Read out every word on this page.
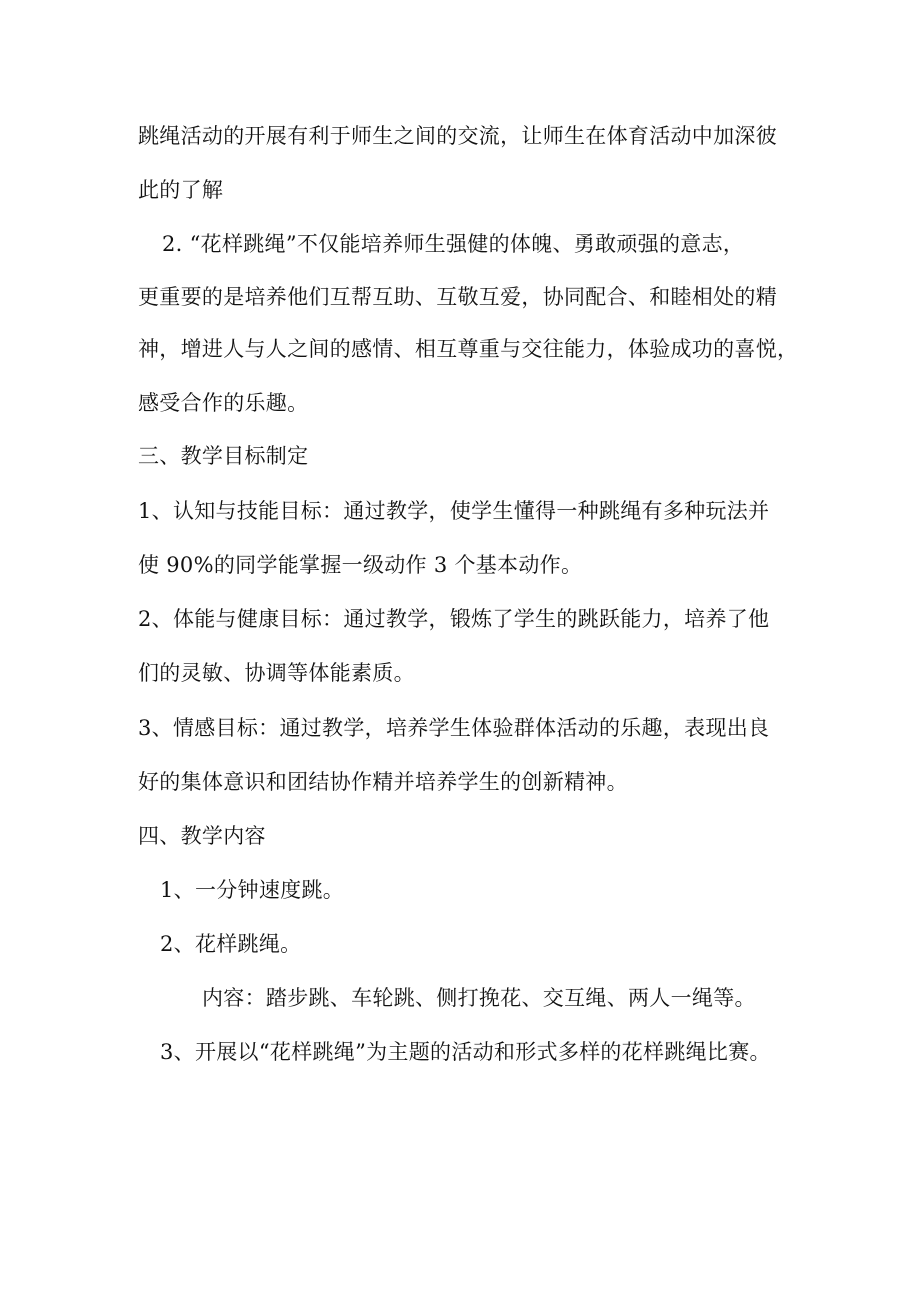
跳绳活动的开展有利于师生之间的交流，让师生在体育活动中加深彼
此的了解
2. “花样跳绳”不仅能培养师生强健的体魄、勇敢顽强的意志，
更重要的是培养他们互帮互助、互敬互爱，协同配合、和睦相处的精
神，增进人与人之间的感情、相互尊重与交往能力，体验成功的喜悦，
感受合作的乐趣。
三、教学目标制定
1、认知与技能目标：通过教学，使学生懂得一种跳绳有多种玩法并
使 90%的同学能掌握一级动作 3 个基本动作。
2、体能与健康目标：通过教学，锻炼了学生的跳跃能力，培养了他
们的灵敏、协调等体能素质。
3、情感目标：通过教学，培养学生体验群体活动的乐趣，表现出良
好的集体意识和团结协作精并培养学生的创新精神。
四、教学内容
1、一分钟速度跳。
2、花样跳绳。
内容：踏步跳、车轮跳、侧打挽花、交互绳、两人一绳等。
3、开展以“花样跳绳”为主题的活动和形式多样的花样跳绳比赛。
